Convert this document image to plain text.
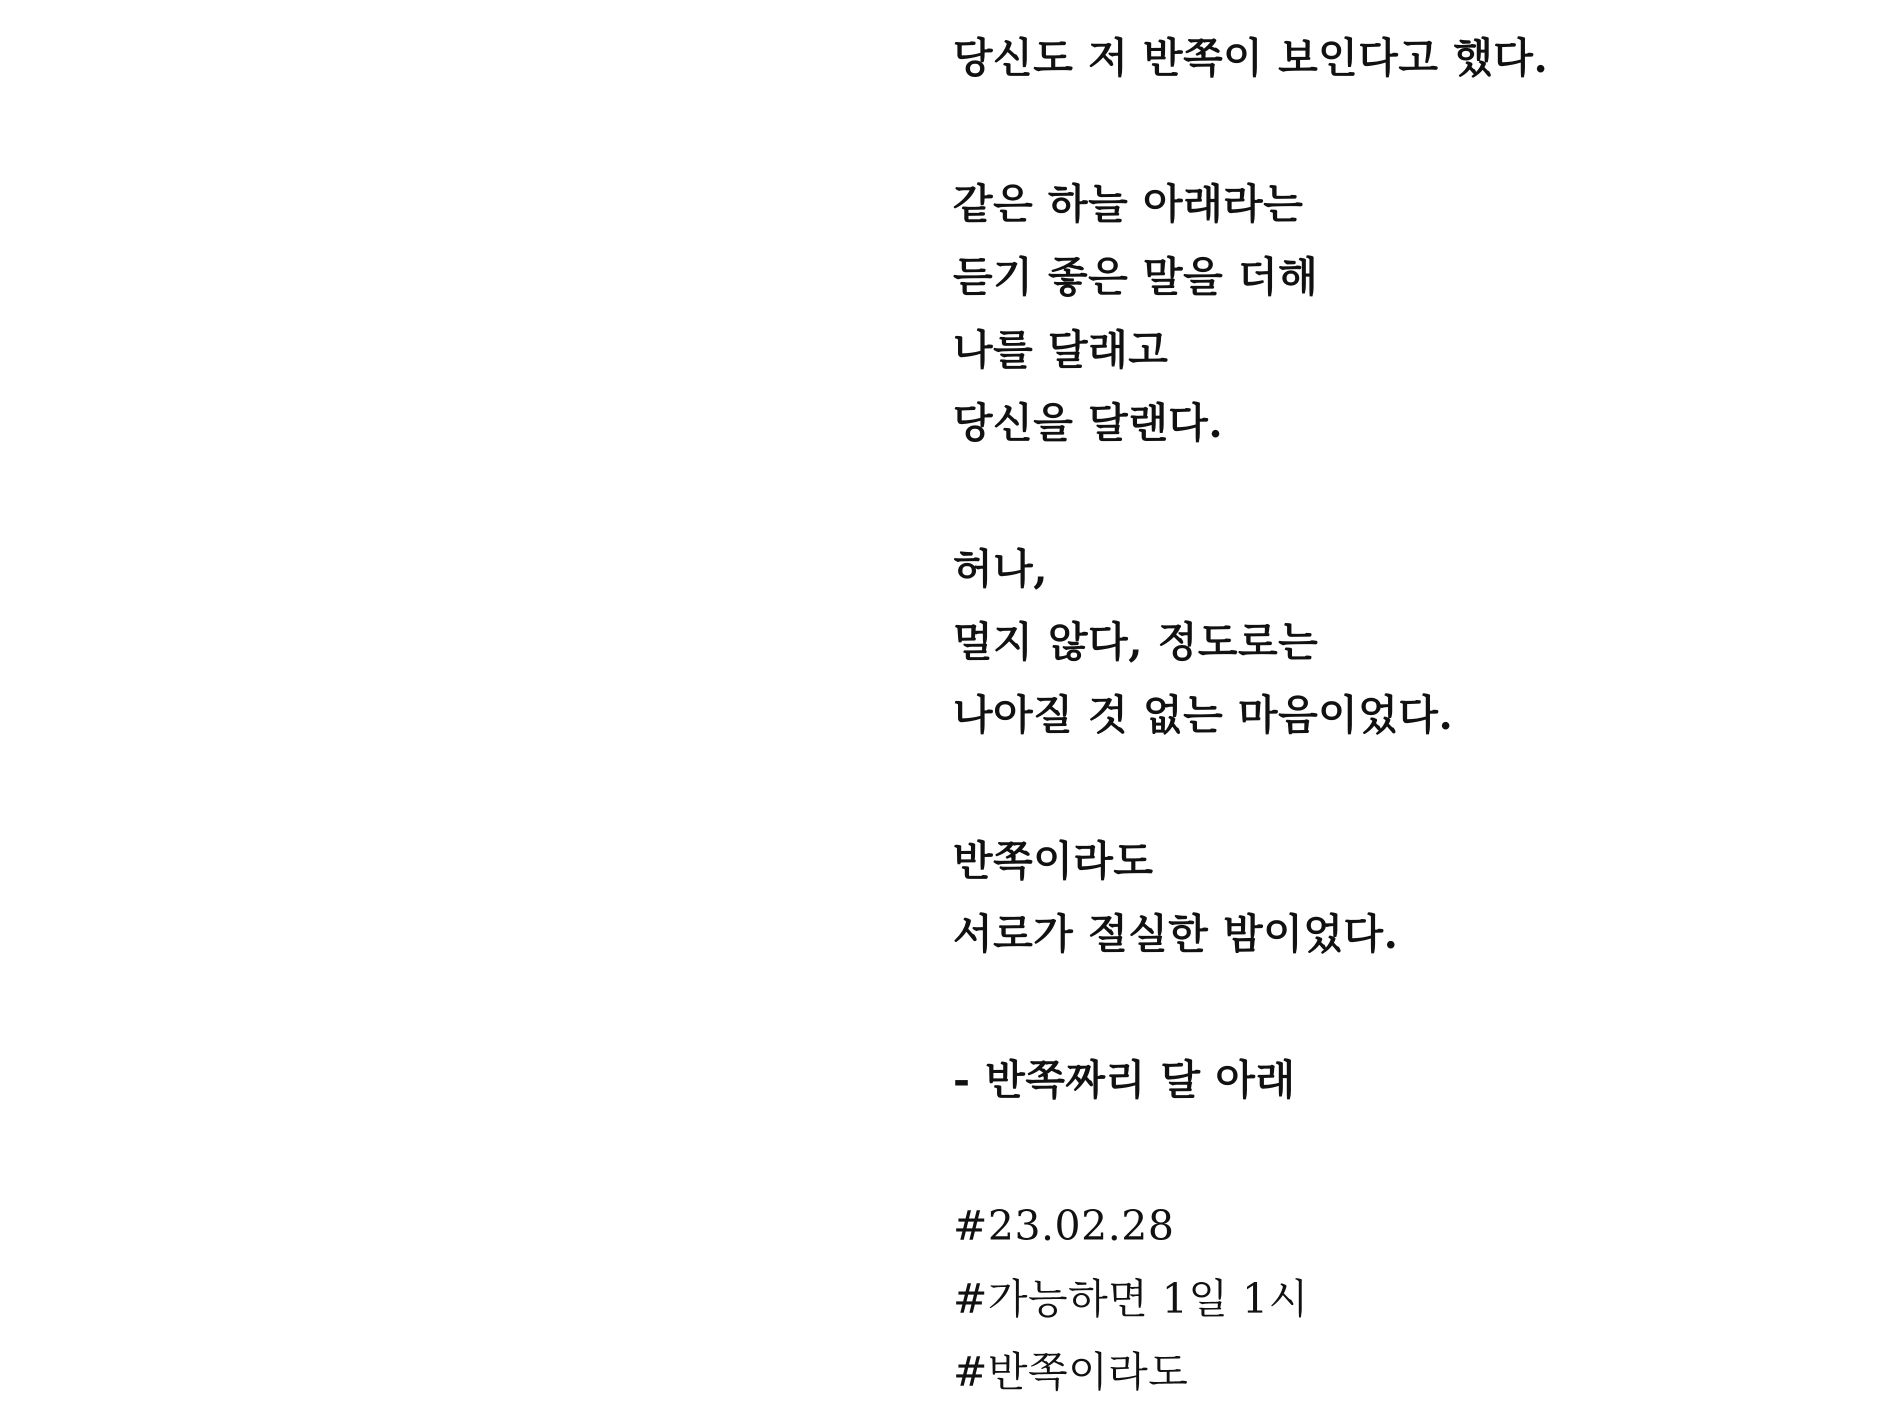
당신도 저 반쪽이 보인다고 했다.
같은 하늘 아래라는
듣기 좋은 말을 더해
나를 달래고
당신을 달랜다.
허나,
멀지 않다, 정도로는
나아질 것 없는 마음이었다.
반쪽이라도
서로가 절실한 밤이었다.
- 반쪽짜리 달 아래
#23.02.28
#가능하면 1일 1시
#반쪽이라도
